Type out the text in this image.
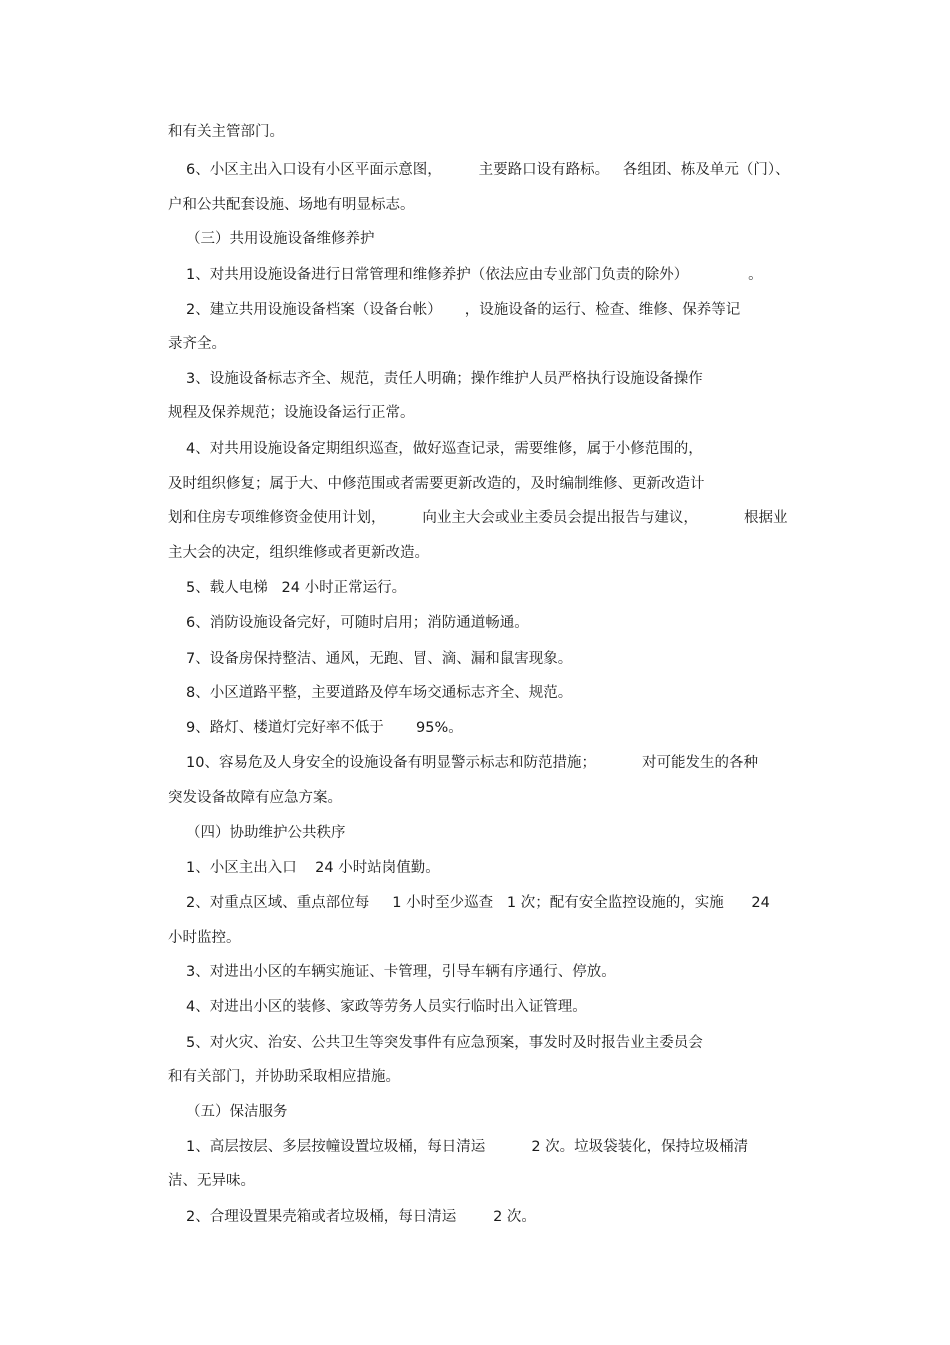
和有关主管部门。
6、小区主出入口设有小区平面示意图，        主要路口设有路标。   各组团、栋及单元（门）、
户和公共配套设施、场地有明显标志。
（三）共用设施设备维修养护
1、对共用设施设备进行日常管理和维修养护（依法应由专业部门负责的除外）             。
2、建立共用设施设备档案（设备台帐）     ，设施设备的运行、检查、维修、保养等记
录齐全。
3、设施设备标志齐全、规范，责任人明确；操作维护人员严格执行设施设备操作
规程及保养规范；设施设备运行正常。
4、对共用设施设备定期组织巡查，做好巡查记录，需要维修，属于小修范围的，
及时组织修复；属于大、中修范围或者需要更新改造的，及时编制维修、更新改造计
划和住房专项维修资金使用计划，        向业主大会或业主委员会提出报告与建议，          根据业
主大会的决定，组织维修或者更新改造。
5、载人电梯   24 小时正常运行。
6、消防设施设备完好，可随时启用；消防通道畅通。
7、设备房保持整洁、通风，无跑、冒、滴、漏和鼠害现象。
8、小区道路平整，主要道路及停车场交通标志齐全、规范。
9、路灯、楼道灯完好率不低于       95%。
10、容易危及人身安全的设施设备有明显警示标志和防范措施；          对可能发生的各种
突发设备故障有应急方案。
（四）协助维护公共秩序
1、小区主出入口    24 小时站岗值勤。
2、对重点区域、重点部位每     1 小时至少巡查   1 次；配有安全监控设施的，实施      24
小时监控。
3、对进出小区的车辆实施证、卡管理，引导车辆有序通行、停放。
4、对进出小区的装修、家政等劳务人员实行临时出入证管理。
5、对火灾、治安、公共卫生等突发事件有应急预案，事发时及时报告业主委员会
和有关部门，并协助采取相应措施。
（五）保洁服务
1、高层按层、多层按幢设置垃圾桶，每日清运          2 次。垃圾袋装化，保持垃圾桶清
洁、无异味。
2、合理设置果壳箱或者垃圾桶，每日清运        2 次。
